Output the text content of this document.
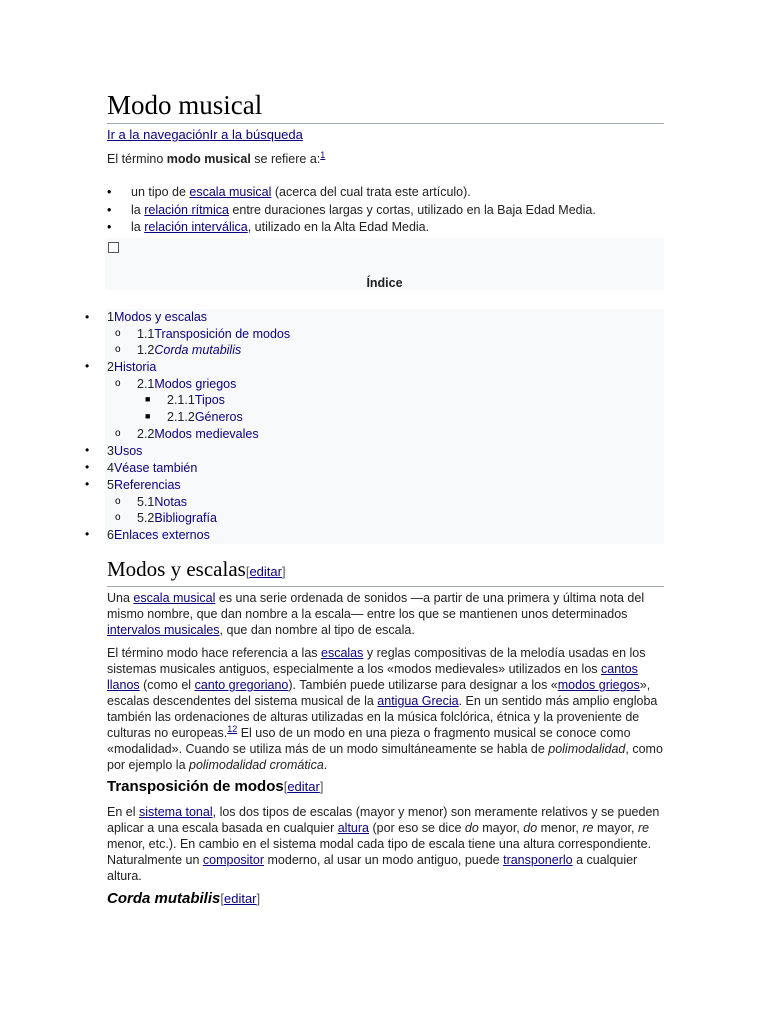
Modo musical
Ir a la navegaciónIr a la búsqueda

El término modo musical se refiere a:$^1$

• un tipo de escala musical (acerca del cual trata este artículo).
• la relación rítmica entre duraciones largas y cortas, utilizado en la Baja Edad Media.
• la relación interválica, utilizado en la Alta Edad Media.
Índice
• 1Modos y escalas
o 1.1Transposición de modos
o 1.2Corda mutabilis
• 2Historia
o 2.1Modos griegos
■ 2.1.1Tipos
■ 2.1.2Géneros
o 2.2Modos medievales
• 3Usos
• 4Véase también
• 5Referencias
o 5.1Notas
o 5.2Bibliografía
• 6Enlaces externos
Modos y escalas[editar]

Una escala musical es una serie ordenada de sonidos —a partir de una primera y última nota del mismo nombre, que dan nombre a la escala— entre los que se mantienen unos determinados intervalos musicales, que dan nombre al tipo de escala.

El término modo hace referencia a las escalas y reglas compositivas de la melodía usadas en los sistemas musicales antiguos, especialmente a los «modos medievales» utilizados en los cantos llanos (como el canto gregoriano). También puede utilizarse para designar a los «modos griegos», escalas descendentes del sistema musical de la antigua Grecia. En un sentido más amplio engloba también las ordenaciones de alturas utilizadas en la música folclórica, étnica y la proveniente de culturas no europeas.$^{12}$ El uso de un modo en una pieza o fragmento musical se conoce como «modalidad». Cuando se utiliza más de un modo simultáneamente se habla de polimodalidad, como por ejemplo la polimodalidad cromática.

Transposición de modos[editar]

En el sistema tonal, los dos tipos de escalas (mayor y menor) son meramente relativos y se pueden aplicar a una escala basada en cualquier altura (por eso se dice do mayor, do menor, re mayor, re menor, etc.). En cambio en el sistema modal cada tipo de escala tiene una altura correspondiente. Naturalmente un compositor moderno, al usar un modo antiguo, puede transponerlo a cualquier altura.

Corda mutabilis[editar]
